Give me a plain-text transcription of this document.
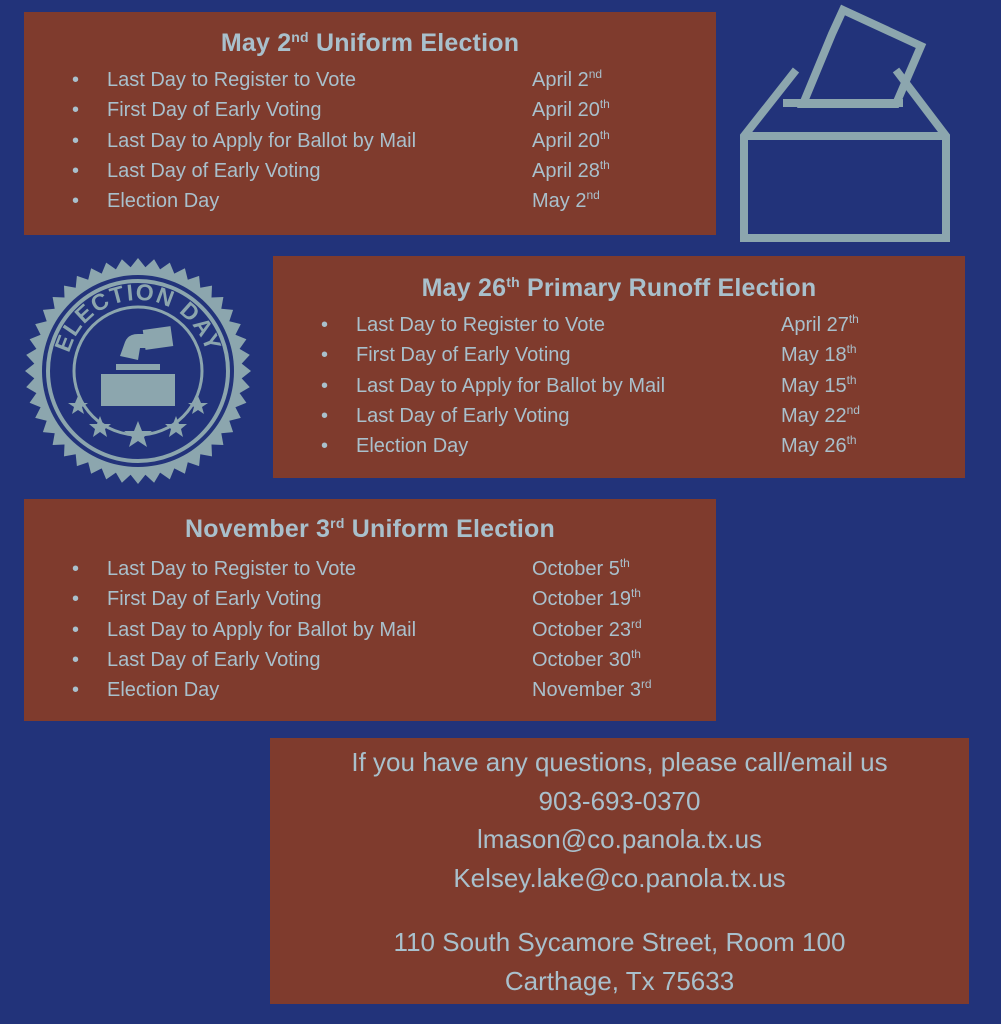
May 2nd Uniform Election
• Last Day to Register to Vote	April 2nd
• First Day of Early Voting	April 20th
• Last Day to Apply for Ballot by Mail	April 20th
• Last Day of Early Voting	April 28th
• Election Day	May 2nd
ELECTION DAY
May 26th Primary Runoff Election
• Last Day to Register to Vote	April 27th
• First Day of Early Voting	May 18th
• Last Day to Apply for Ballot by Mail	May 15th
• Last Day of Early Voting	May 22nd
• Election Day	May 26th
November 3rd Uniform Election
• Last Day to Register to Vote	October 5th
• First Day of Early Voting	October 19th
• Last Day to Apply for Ballot by Mail	October 23rd
• Last Day of Early Voting	October 30th
• Election Day	November 3rd
If you have any questions, please call/email us
903-693-0370
lmason@co.panola.tx.us
Kelsey.lake@co.panola.tx.us
110 South Sycamore Street, Room 100
Carthage, Tx 75633
